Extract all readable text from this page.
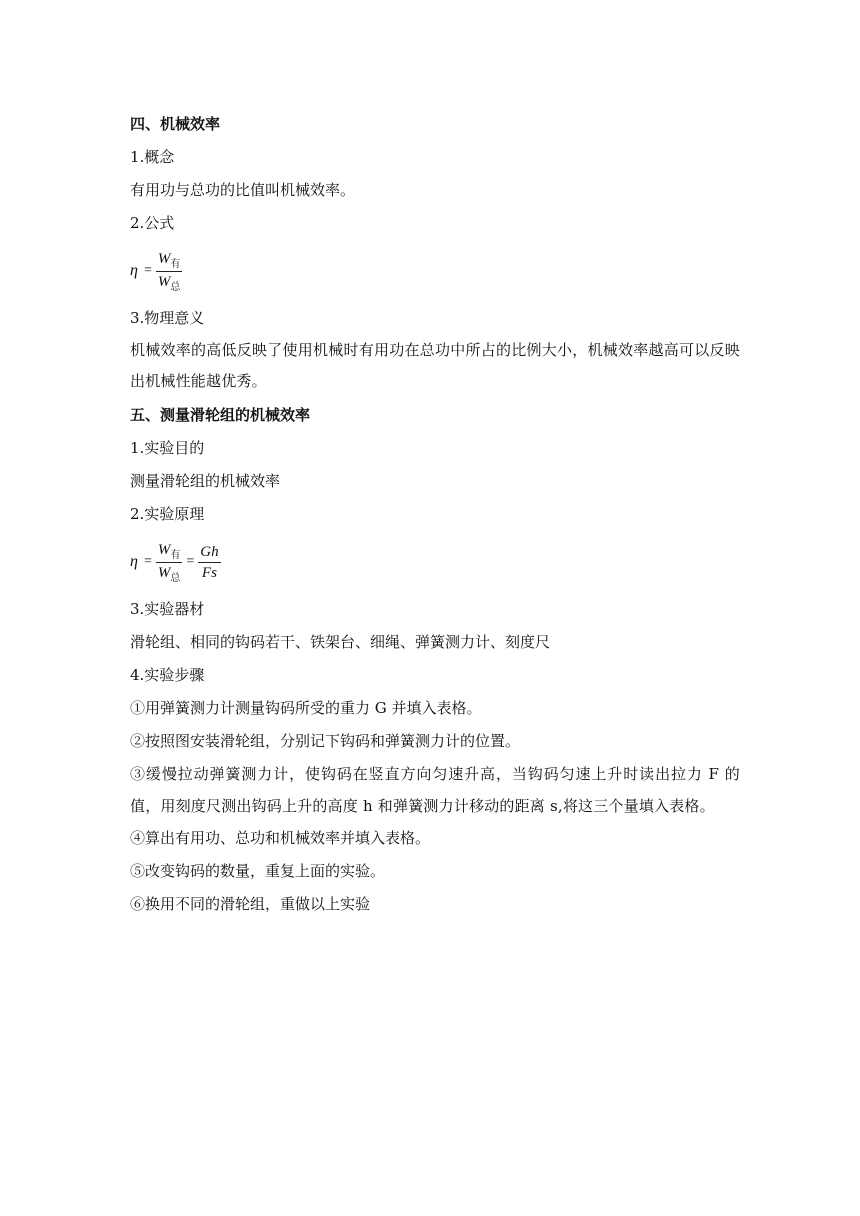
四、机械效率
1.概念
有用功与总功的比值叫机械效率。
2.公式
$\eta = \frac{\text{W 有}}{\text{W 总}}$
3.物理意义
机械效率的高低反映了使用机械时有用功在总功中所占的比例大小，机械效率越高可以反映出机械性能越优秀。
五、测量滑轮组的机械效率
1.实验目的
测量滑轮组的机械效率
2.实验原理
$\eta = \frac{\text{W 有}}{\text{W 总}} = \frac{Gh}{Fs}$
3.实验器材
滑轮组、相同的钩码若干、铁架台、细绳、弹簧测力计、刻度尺
4.实验步骤
①用弹簧测力计测量钩码所受的重力 G 并填入表格。
②按照图安装滑轮组，分别记下钩码和弹簧测力计的位置。
③缓慢拉动弹簧测力计，使钩码在竖直方向匀速升高，当钩码匀速上升时读出拉力 F 的值，用刻度尺测出钩码上升的高度 h 和弹簧测力计移动的距离 s,将这三个量填入表格。
④算出有用功、总功和机械效率并填入表格。
⑤改变钩码的数量，重复上面的实验。
⑥换用不同的滑轮组，重做以上实验
